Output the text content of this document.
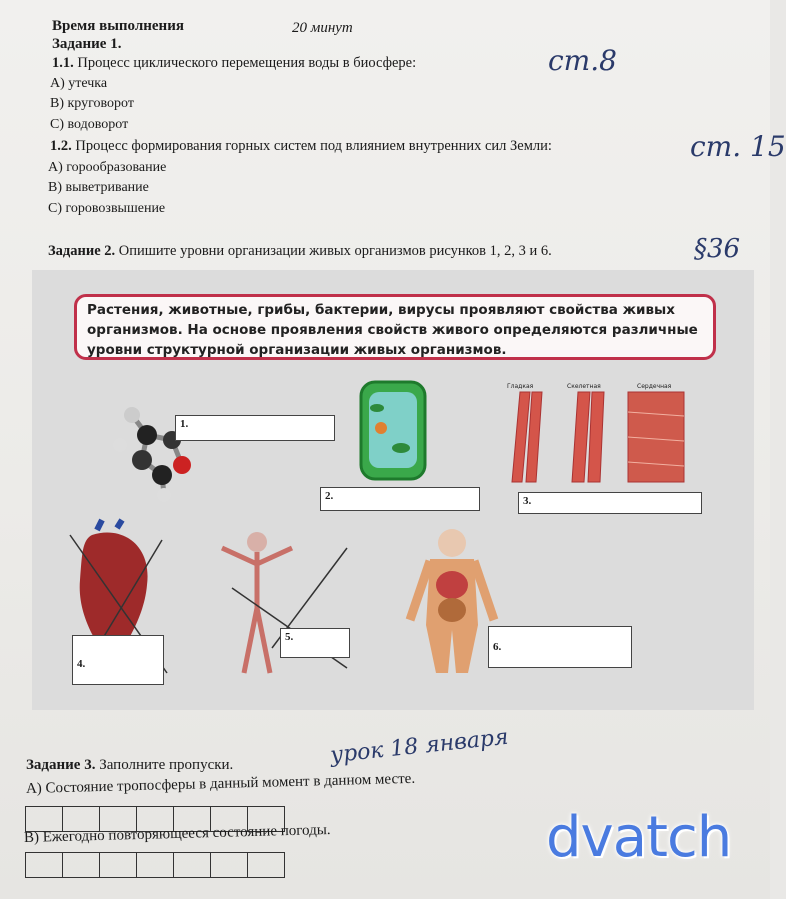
Время выполнения	20 минут
Задание 1.
1.1. Процесс циклического перемещения воды в биосфере:
А) утечка
В) круговорот
С) водоворот
1.2. Процесс формирования горных систем под влиянием внутренних сил Земли:
А) горообразование
В) выветривание
С) горовозвышение
ст.8
ст. 15
Задание 2. Опишите уровни организации живых организмов рисунков 1, 2, 3 и 6.	§36
Растения, животные, грибы, бактерии, вирусы проявляют свойства живых организмов. На основе проявления свойств живого определяются различные уровни структурной организации живых организмов.
1.
2.
Гладкая	Скелетная	Сердечная
3.
4.
5.
6.
Задание 3. Заполните пропуски.	урок 18 января
А) Состояние тропосферы в данный момент в данном месте.
В) Ежегодно повторяющееся состояние погоды.	dvatch
